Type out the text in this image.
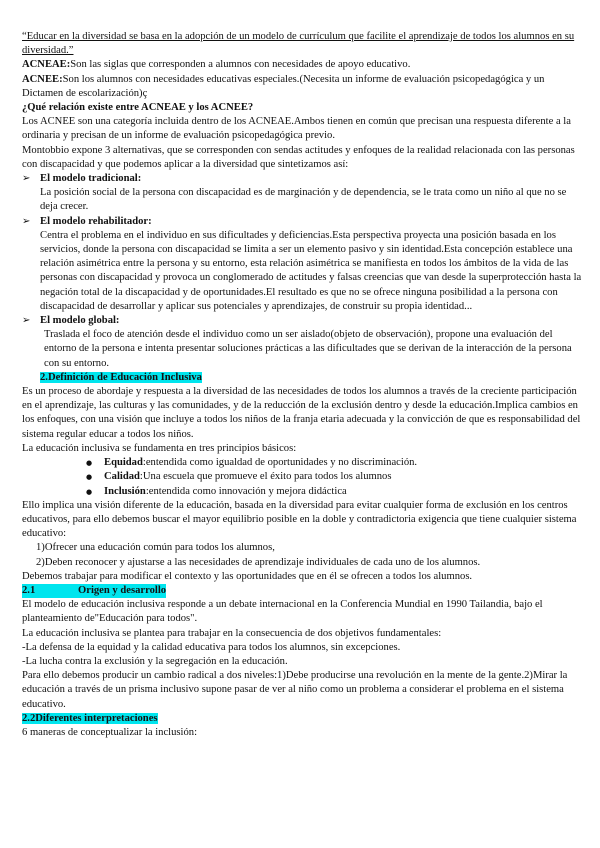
“Educar en la diversidad se basa en la adopción de un modelo de currículum que facilite el aprendizaje de todos los alumnos en su diversidad.”

ACNEAE:Son las siglas que corresponden a alumnos con necesidades de apoyo educativo.

ACNEE:Son los alumnos con necesidades educativas especiales.(Necesita un informe de evaluación psicopedagógica y un Dictamen de escolarización)ç

¿Qué relación existe entre ACNEAE y los ACNEE?

Los ACNEE son una categoría incluida dentro de los ACNEAE.Ambos tienen en común que precisan una respuesta diferente a la ordinaria y precisan de un informe de evaluación psicopedagógica previo.

Montobbio expone 3 alternativas, que se corresponden con sendas actitudes y enfoques de la realidad relacionada con las personas con discapacidad y que podemos aplicar a la diversidad que sintetizamos así:

➢ El modelo tradicional:

La posición social de la persona con discapacidad es de marginación y de dependencia, se le trata como un niño al que no se deja crecer.

➢ El modelo rehabilitador:

Centra el problema en el individuo en sus dificultades y deficiencias.Esta perspectiva proyecta una posición basada en los servicios, donde la persona con discapacidad se limita a ser un elemento pasivo y sin identidad.Esta concepción establece una relación asimétrica entre la persona y su entorno, esta relación asimétrica se manifiesta en todos los ámbitos de la vida de las personas con discapacidad y provoca un conglomerado de actitudes y falsas creencias que van desde la superprotección hasta la negación total de la discapacidad y de oportunidades.El resultado es que no se ofrece ninguna posibilidad a la persona con discapacidad de desarrollar y aplicar sus potenciales y aprendizajes, de construir su propia identidad...

➢ El modelo global:

Traslada el foco de atención desde el individuo como un ser aislado(objeto de observación), propone una evaluación del entorno de la persona e intenta presentar soluciones prácticas a las dificultades que se derivan de la interacción de la persona con su entorno.

2.Definición de Educación Inclusiva

Es un proceso de abordaje y respuesta a la diversidad de las necesidades de todos los alumnos a través de la creciente participación en el aprendizaje, las culturas y las comunidades, y de la reducción de la exclusión dentro y desde la educación.Implica cambios en los enfoques, con una visión que incluye a todos los niños de la franja etaria adecuada y la convicción de que es responsabilidad del sistema regular educar a todos los niños.

La educación inclusiva se fundamenta en tres principios básicos:

● Equidad:entendida como igualdad de oportunidades y no discriminación.
● Calidad:Una escuela que promueve el éxito para todos los alumnos
● Inclusión:entendida como innovación y mejora didáctica

Ello implica una visión diferente de la educación, basada en la diversidad para evitar cualquier forma de exclusión en los centros educativos, para ello debemos buscar el mayor equilibrio posible en la doble y contradictoria exigencia que tiene cualquier sistema educativo:

1)Ofrecer una educación común para todos los alumnos,

2)Deben reconocer y ajustarse a las necesidades de aprendizaje individuales de cada uno de los alumnos.

Debemos trabajar para modificar el contexto y las oportunidades que en él se ofrecen a todos los alumnos.

2.1	Origen y desarrollo

El modelo de educación inclusiva responde a un debate internacional en la Conferencia Mundial en 1990 Tailandia, bajo el planteamiento de"Educación para todos".

La educación inclusiva se plantea para trabajar en la consecuencia de dos objetivos fundamentales:

-La defensa de la equidad y la calidad educativa para todos los alumnos, sin excepciones.

-La lucha contra la exclusión y la segregación en la educación.

Para ello debemos producir un cambio radical a dos niveles:1)Debe producirse una revolución en la mente de la gente.2)Mirar la educación a través de un prisma inclusivo supone pasar de ver al niño como un problema a considerar el problema en el sistema educativo.

2.2Diferentes interpretaciones

6 maneras de conceptualizar la inclusión:
